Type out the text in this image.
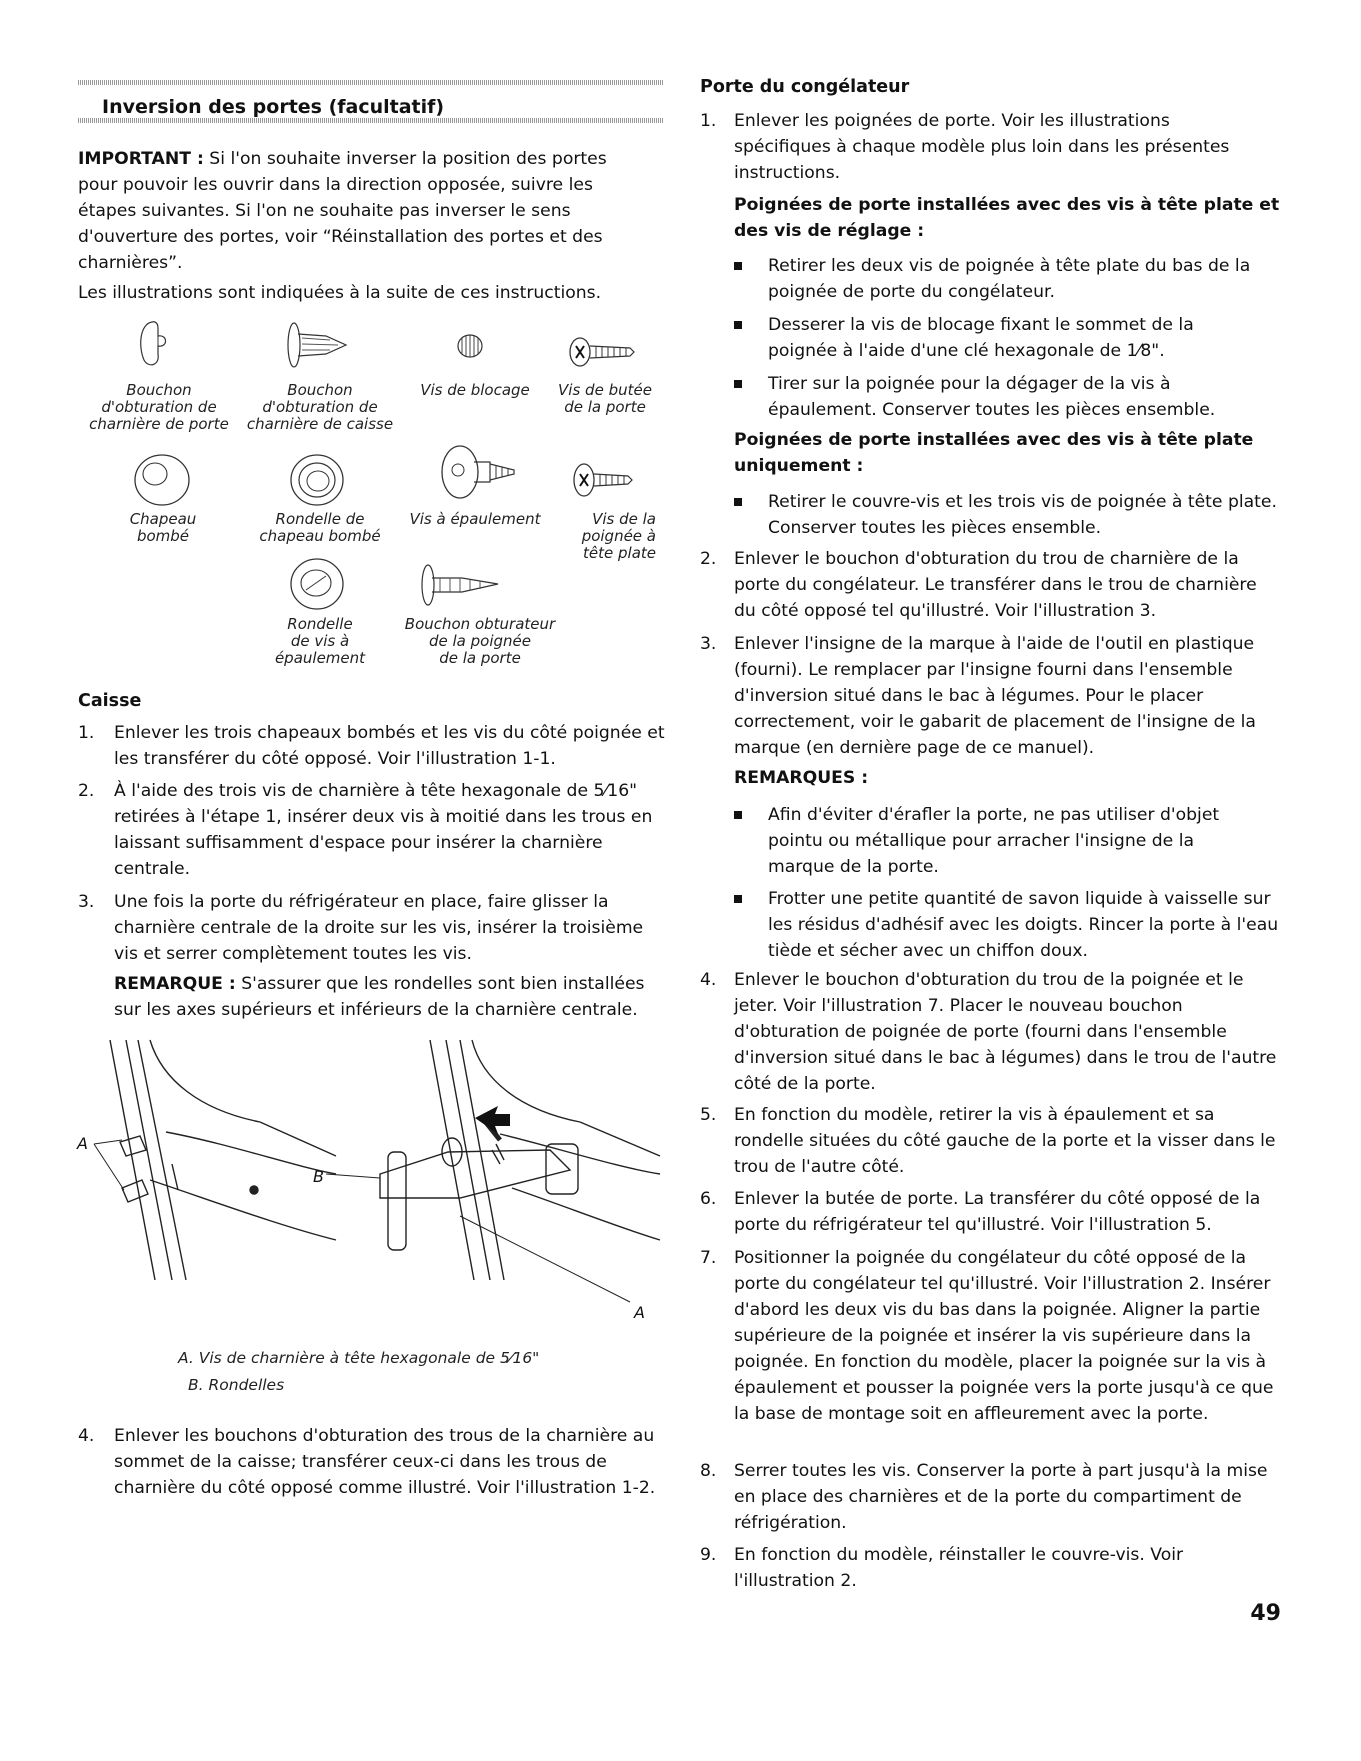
Inversion des portes (facultatif)
IMPORTANT : Si l'on souhaite inverser la position des portes pour pouvoir les ouvrir dans la direction opposée, suivre les étapes suivantes. Si l'on ne souhaite pas inverser le sens d'ouverture des portes, voir “Réinstallation des portes et des charnières”.
Les illustrations sont indiquées à la suite de ces instructions.
Bouchon
d'obturation de
charnière de porte
Bouchon
d'obturation de
charnière de caisse
Vis de blocage	Vis de butée
de la porte
Chapeau
bombé
Rondelle de
chapeau bombé
Vis à épaulement	Vis de la
poignée à
tête plate
Rondelle
de vis à
épaulement
Bouchon obturateur
de la poignée
de la porte
Caisse
1.	Enlever les trois chapeaux bombés et les vis du côté poignée et les transférer du côté opposé. Voir l'illustration 1-1.
2.	À l'aide des trois vis de charnière à tête hexagonale de 5⁄16" retirées à l'étape 1, insérer deux vis à moitié dans les trous en laissant suffisamment d'espace pour insérer la charnière centrale.
3.	Une fois la porte du réfrigérateur en place, faire glisser la charnière centrale de la droite sur les vis, insérer la troisième vis et serrer complètement toutes les vis.
REMARQUE : S'assurer que les rondelles sont bien installées sur les axes supérieurs et inférieurs de la charnière centrale.
A
B
A
A. Vis de charnière à tête hexagonale de 5⁄16"
B. Rondelles
4.	Enlever les bouchons d'obturation des trous de la charnière au sommet de la caisse; transférer ceux-ci dans les trous de charnière du côté opposé comme illustré. Voir l'illustration 1-2.
Porte du congélateur
1.	Enlever les poignées de porte. Voir les illustrations spécifiques à chaque modèle plus loin dans les présentes instructions.
Poignées de porte installées avec des vis à tête plate et des vis de réglage :
Retirer les deux vis de poignée à tête plate du bas de la poignée de porte du congélateur.
Desserer la vis de blocage fixant le sommet de la poignée à l'aide d'une clé hexagonale de 1⁄8".
Tirer sur la poignée pour la dégager de la vis à épaulement. Conserver toutes les pièces ensemble.
Poignées de porte installées avec des vis à tête plate uniquement :
Retirer le couvre-vis et les trois vis de poignée à tête plate. Conserver toutes les pièces ensemble.
2.	Enlever le bouchon d'obturation du trou de charnière de la porte du congélateur. Le transférer dans le trou de charnière du côté opposé tel qu'illustré. Voir l'illustration 3.
3.	Enlever l'insigne de la marque à l'aide de l'outil en plastique (fourni). Le remplacer par l'insigne fourni dans l'ensemble d'inversion situé dans le bac à légumes. Pour le placer correctement, voir le gabarit de placement de l'insigne de la marque (en dernière page de ce manuel).
REMARQUES :
Afin d'éviter d'érafler la porte, ne pas utiliser d'objet pointu ou métallique pour arracher l'insigne de la marque de la porte.
Frotter une petite quantité de savon liquide à vaisselle sur les résidus d'adhésif avec les doigts. Rincer la porte à l'eau tiède et sécher avec un chiffon doux.
4.	Enlever le bouchon d'obturation du trou de la poignée et le jeter. Voir l'illustration 7. Placer le nouveau bouchon d'obturation de poignée de porte (fourni dans l'ensemble d'inversion situé dans le bac à légumes) dans le trou de l'autre côté de la porte.
5.	En fonction du modèle, retirer la vis à épaulement et sa rondelle situées du côté gauche de la porte et la visser dans le trou de l'autre côté.
6.	Enlever la butée de porte. La transférer du côté opposé de la porte du réfrigérateur tel qu'illustré. Voir l'illustration 5.
7.	Positionner la poignée du congélateur du côté opposé de la porte du congélateur tel qu'illustré. Voir l'illustration 2. Insérer d'abord les deux vis du bas dans la poignée. Aligner la partie supérieure de la poignée et insérer la vis supérieure dans la poignée. En fonction du modèle, placer la poignée sur la vis à épaulement et pousser la poignée vers la porte jusqu'à ce que la base de montage soit en affleurement avec la porte.
8.	Serrer toutes les vis. Conserver la porte à part jusqu'à la mise en place des charnières et de la porte du compartiment de réfrigération.
9.	En fonction du modèle, réinstaller le couvre-vis. Voir l'illustration 2.
49
